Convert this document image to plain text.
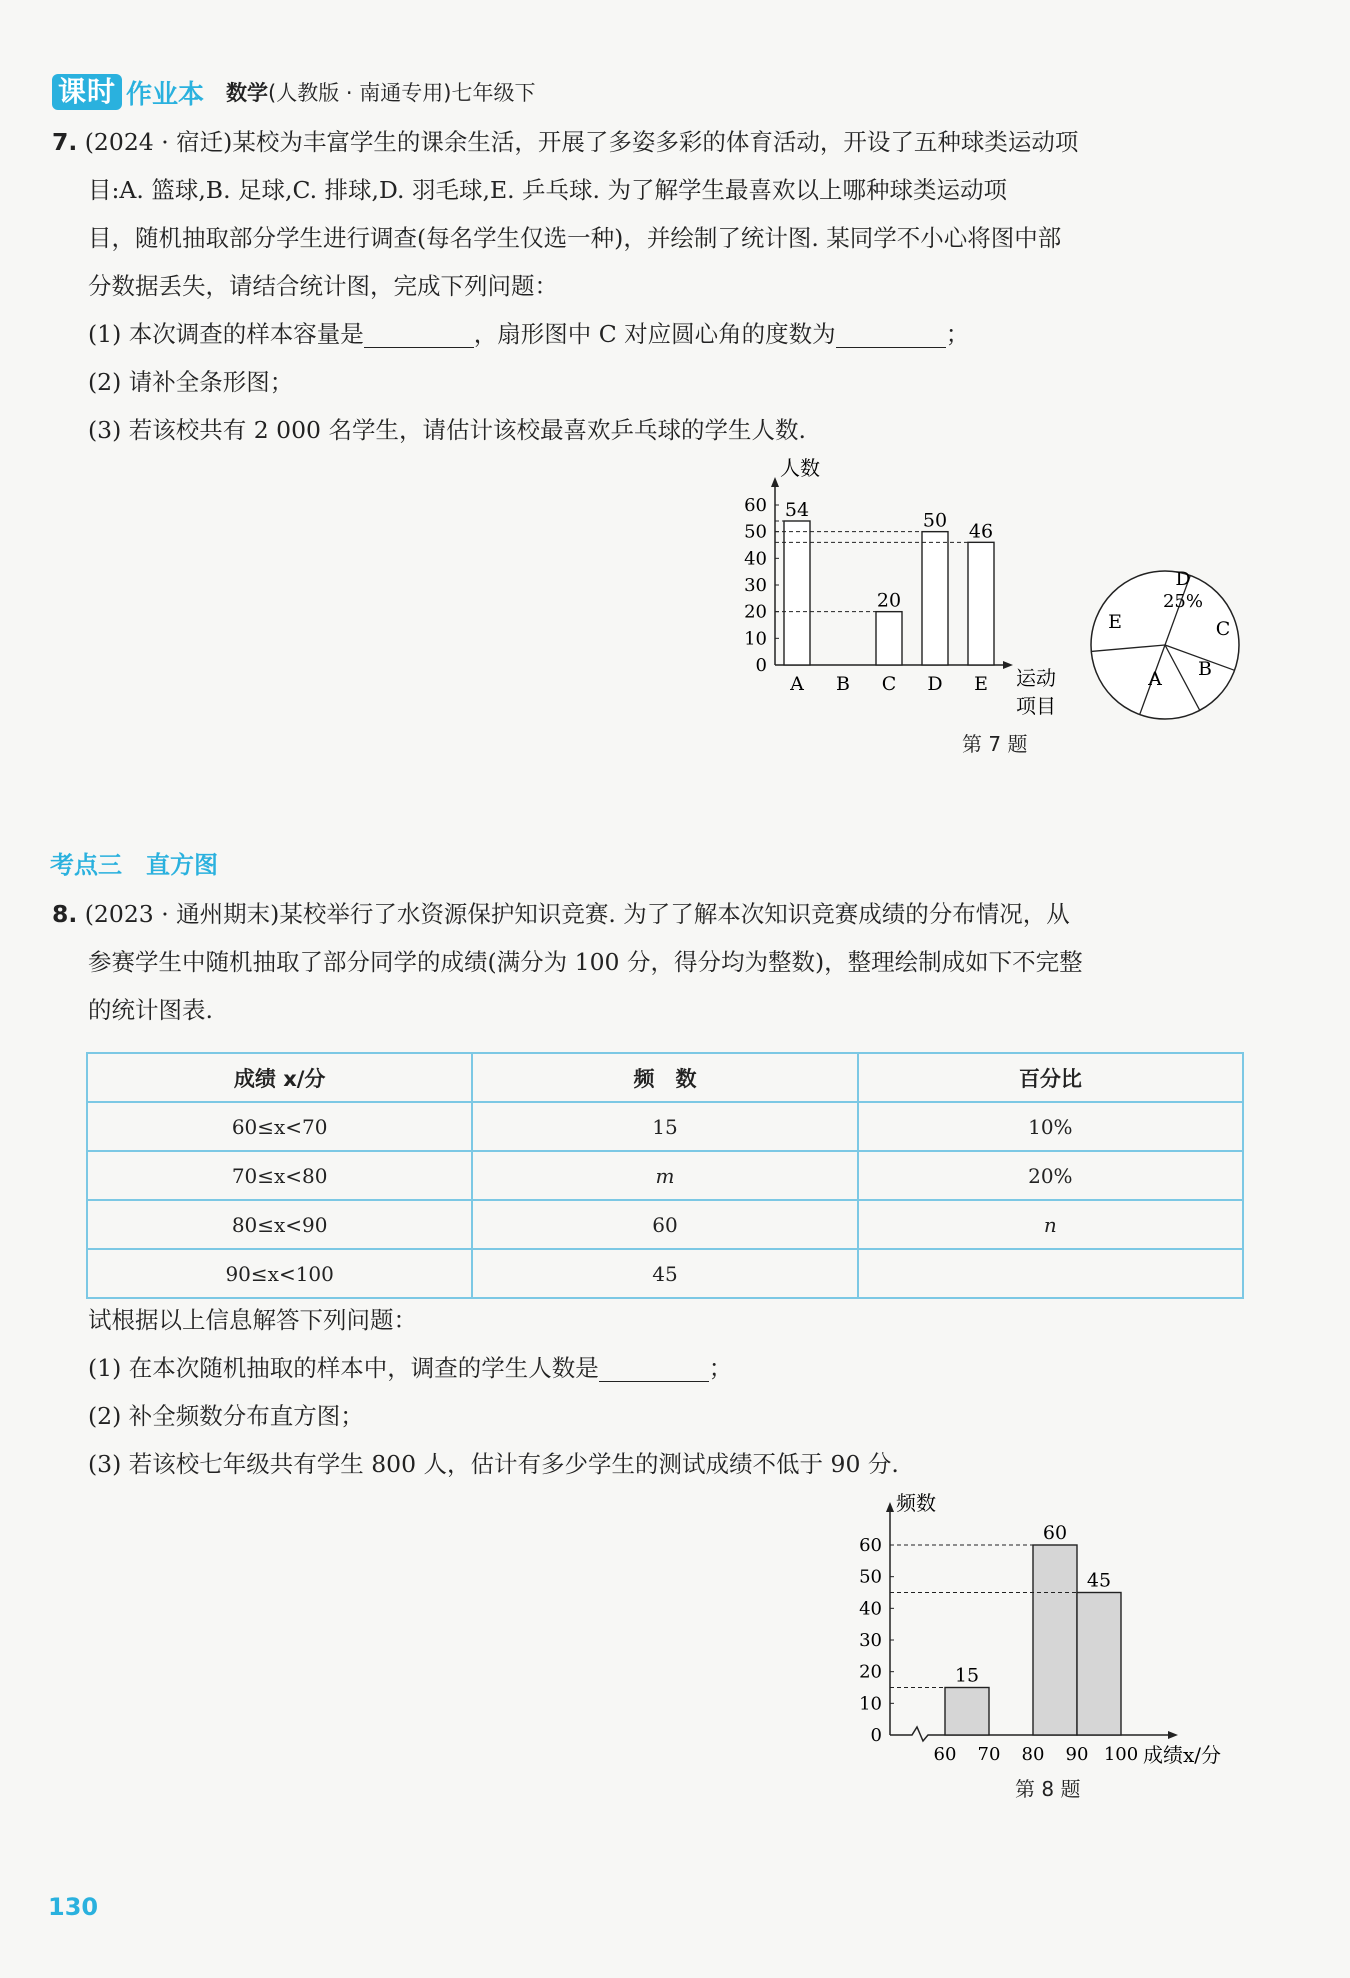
课时 作业本 数学(人教版 · 南通专用)七年级下
7. (2024 · 宿迁)某校为丰富学生的课余生活，开展了多姿多彩的体育活动，开设了五种球类运动项
目:A. 篮球,B. 足球,C. 排球,D. 羽毛球,E. 乒乓球. 为了解学生最喜欢以上哪种球类运动项
目，随机抽取部分学生进行调查(每名学生仅选一种)，并绘制了统计图. 某同学不小心将图中部
分数据丢失，请结合统计图，完成下列问题：
(1) 本次调查的样本容量是	，扇形图中 C 对应圆心角的度数为	；
(2) 请补全条形图；
(3) 若该校共有 2 000 名学生，请估计该校最喜欢乒乓球的学生人数.
人数
运动
项目
0
10
20
30
40
50
60
A
54
B C
20
D
50
E
46
D
25%
C
B
A
E
第 7 题
考点三　直方图
8. (2023 · 通州期末)某校举行了水资源保护知识竞赛. 为了了解本次知识竞赛成绩的分布情况，从
参赛学生中随机抽取了部分同学的成绩(满分为 100 分，得分均为整数)，整理绘制成如下不完整
的统计图表.
成绩 x/分	频　数	百分比
60≤x<70	15	10%
70≤x<80	m	20%
80≤x<90	60	n
90≤x<100	45	
试根据以上信息解答下列问题：
(1) 在本次随机抽取的样本中，调查的学生人数是	；
(2) 补全频数分布直方图；
(3) 若该校七年级共有学生 800 人，估计有多少学生的测试成绩不低于 90 分.
频数
成绩x/分
0
10
20
30
40
50
60
60 70 80 90 100
15
60
45
第 8 题
130
